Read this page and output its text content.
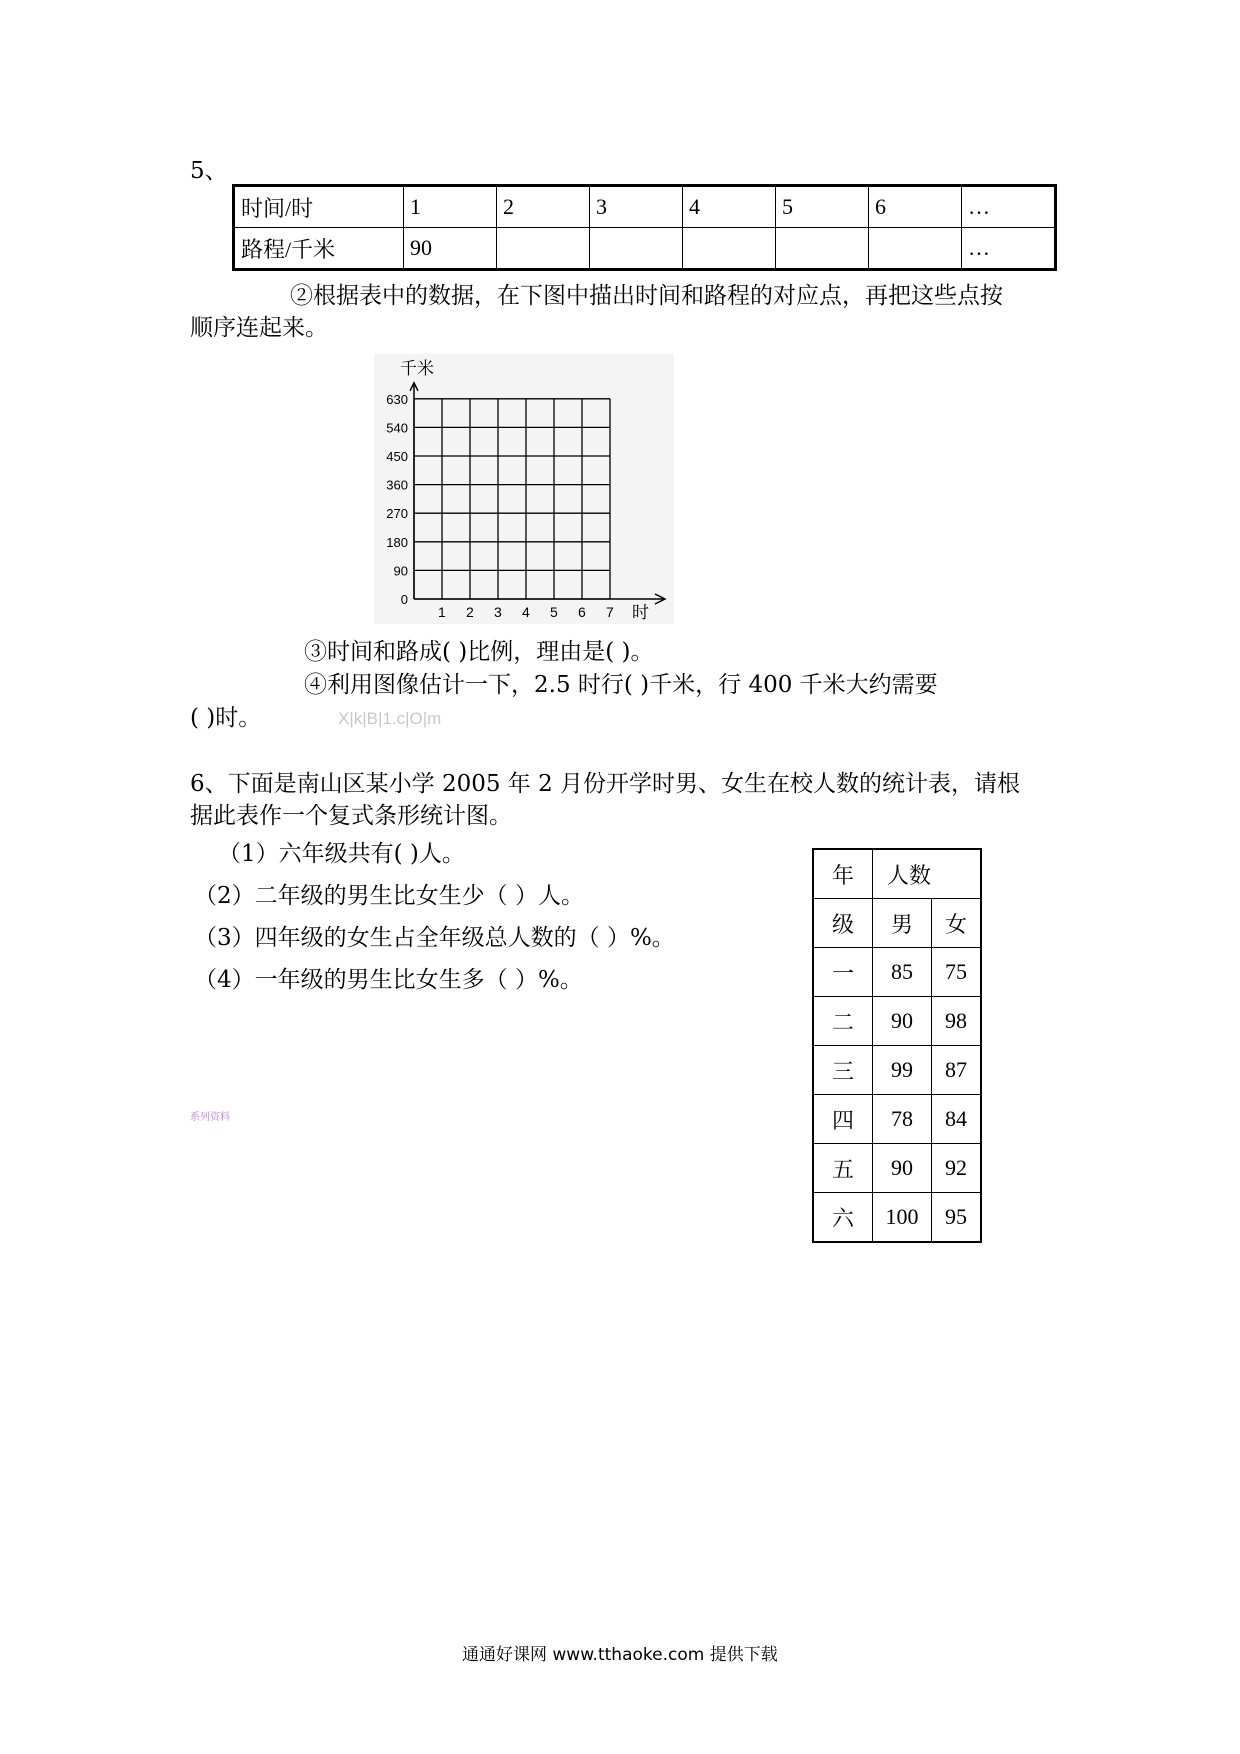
5、
时间/时	1	2	3	4	5	6	…
路程/千米	90						…
②根据表中的数据，在下图中描出时间和路程的对应点，再把这些点按
顺序连起来。
1 2 3 4 5 6 7
0
90
180
270
360
450
540
630
千米
时
③时间和路成( )比例，理由是( )。
④利用图像估计一下，2.5 时行( )千米，行 400 千米大约需要
( )时。	X|k|B|1.c|O|m
6、下面是南山区某小学 2005 年 2 月份开学时男、女生在校人数的统计表，请根
据此表作一个复式条形统计图。
（1）六年级共有( )人。
（2）二年级的男生比女生少（ ）人。
（3）四年级的女生占全年级总人数的（ ）%。
（4）一年级的男生比女生多（ ）%。
系列资料
年	人数	
级	男	女
一	85	75
二	90	98
三	99	87
四	78	84
五	90	92
六	100	95
通通好课网 www.tthaoke.com 提供下载
